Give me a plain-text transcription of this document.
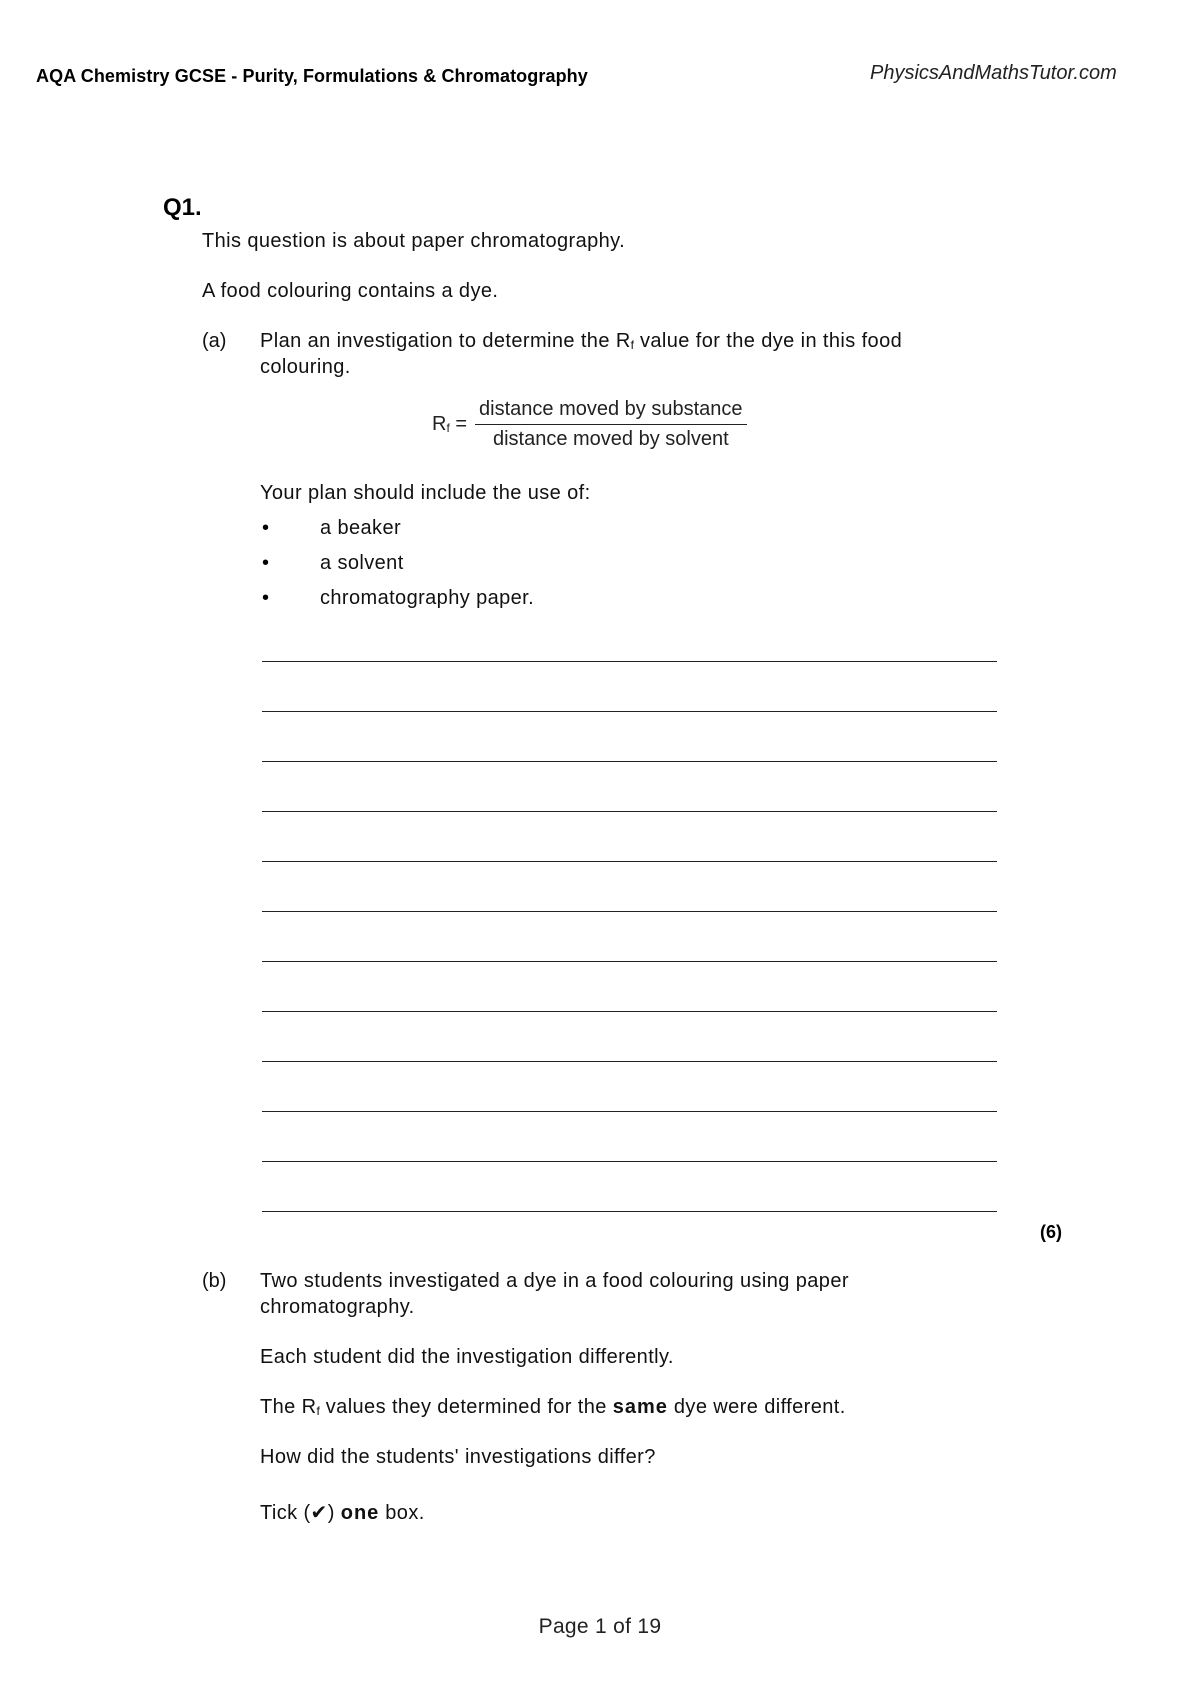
AQA Chemistry GCSE - Purity, Formulations & Chromatography	PhysicsAndMathsTutor.com
Q1.
This question is about paper chromatography.
A food colouring contains a dye.
(a) Plan an investigation to determine the $R_f$ value for the dye in this food
colouring.
$R_f = \frac{\text{distance moved by substance}}{\text{distance moved by solvent}}$
Your plan should include the use of:
•	a beaker
•	a solvent
•	chromatography paper.
(6)
(b) Two students investigated a dye in a food colouring using paper
chromatography.
Each student did the investigation differently.
The $R_f$ values they determined for the same dye were different.
How did the students' investigations differ?
Tick (✔) one box.
Page 1 of 19
